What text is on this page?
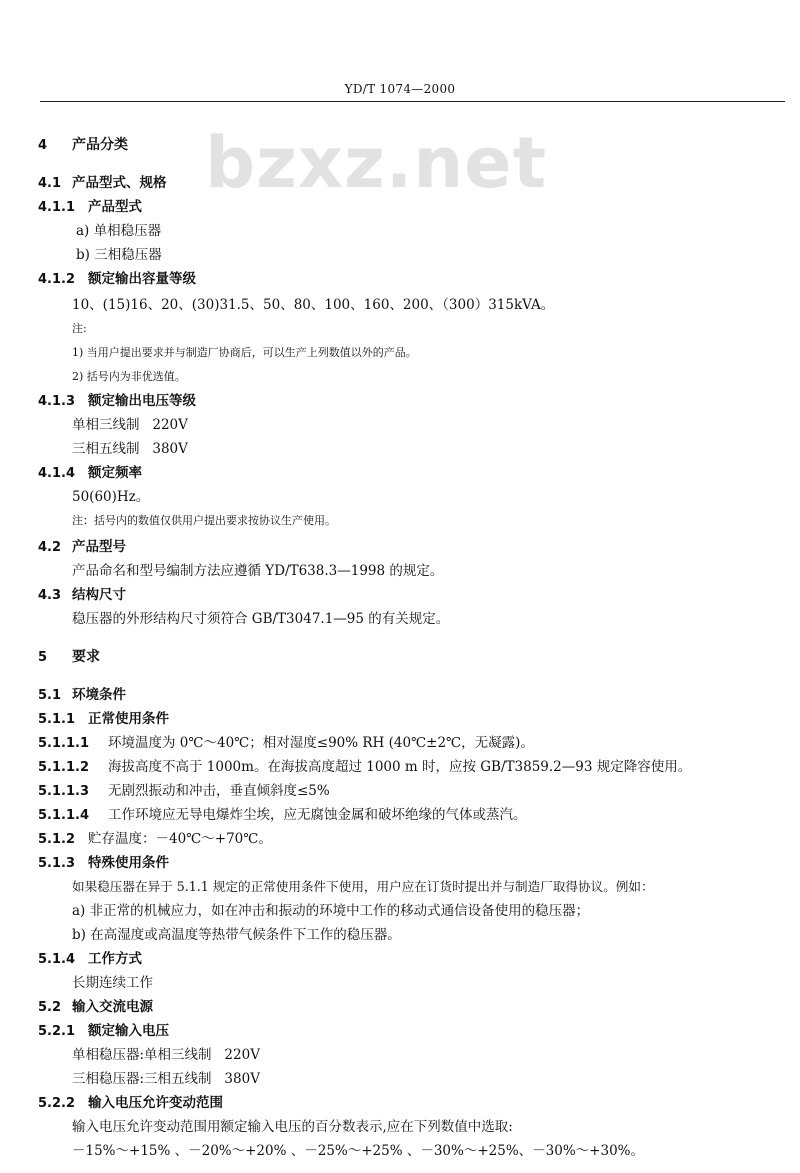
YD/T 1074—2000
bzxz.net
4 产品分类
4.1 产品型式、规格
4.1.1 产品型式
a) 单相稳压器
b) 三相稳压器
4.1.2 额定输出容量等级
10、(15)16、20、(30)31.5、50、80、100、160、200、（300）315kVA。
注:
1) 当用户提出要求并与制造厂协商后，可以生产上列数值以外的产品。
2) 括号内为非优选值。
4.1.3 额定输出电压等级
单相三线制   220V
三相五线制   380V
4.1.4 额定频率
50(60)Hz。
注：括号内的数值仅供用户提出要求按协议生产使用。
4.2 产品型号
产品命名和型号编制方法应遵循 YD/T638.3—1998 的规定。
4.3 结构尺寸
稳压器的外形结构尺寸须符合 GB/T3047.1—95 的有关规定。
5 要求
5.1 环境条件
5.1.1 正常使用条件
5.1.1.1 环境温度为 0℃～40℃；相对湿度≤90% RH (40℃±2℃，无凝露)。
5.1.1.2 海拔高度不高于 1000m。在海拔高度超过 1000 m 时，应按 GB/T3859.2—93 规定降容使用。
5.1.1.3 无剧烈振动和冲击，垂直倾斜度≤5%
5.1.1.4 工作环境应无导电爆炸尘埃，应无腐蚀金属和破坏绝缘的气体或蒸汽。
5.1.2 贮存温度：－40℃～+70℃。
5.1.3 特殊使用条件
如果稳压器在异于 5.1.1 规定的正常使用条件下使用，用户应在订货时提出并与制造厂取得协议。例如：
a) 非正常的机械应力，如在冲击和振动的环境中工作的移动式通信设备使用的稳压器；
b) 在高湿度或高温度等热带气候条件下工作的稳压器。
5.1.4 工作方式
长期连续工作
5.2 输入交流电源
5.2.1 额定输入电压
单相稳压器:单相三线制   220V
三相稳压器:三相五线制   380V
5.2.2 输入电压允许变动范围
输入电压允许变动范围用额定输入电压的百分数表示,应在下列数值中选取:
－15%～+15% 、－20%～+20% 、－25%～+25% 、－30%～+25%、－30%～+30%。
